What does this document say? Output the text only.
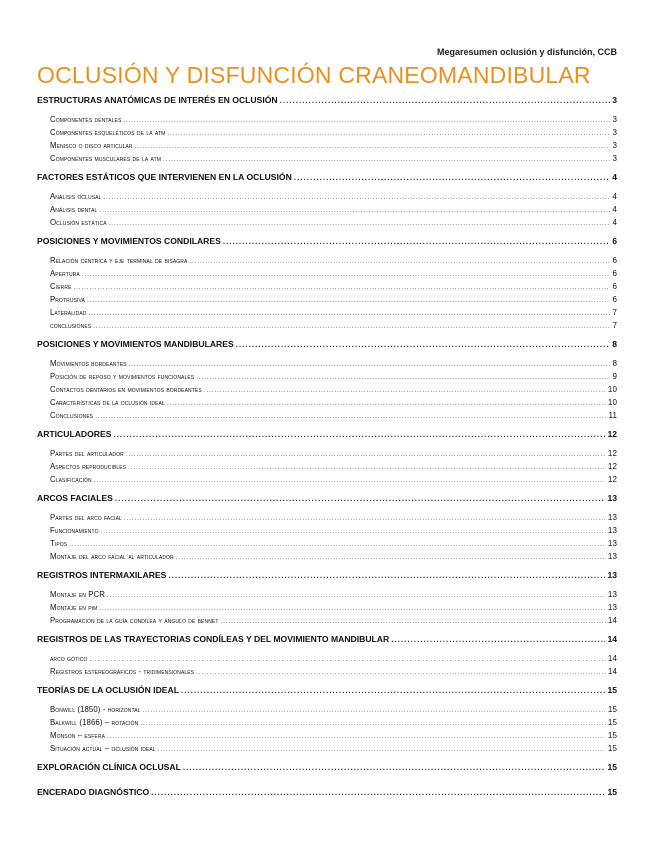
Megaresumen oclusión y disfunción, CCB
OCLUSIÓN Y DISFUNCIÓN CRANEOMANDIBULAR
ESTRUCTURAS ANATÓMICAS DE INTERÉS EN OCLUSIÓN .....	3
Componentes dentales .....	3
Componentes esqueléticos de la atm .....	3
Menisco o disco articular .....	3
Componentes musculares de la atm .....	3
FACTORES ESTÁTICOS QUE INTERVIENEN EN LA OCLUSIÓN .....	4
Análisis oclusal .....	4
Análisis dental .....	4
Oclusión estática .....	4
POSICIONES Y MOVIMIENTOS CONDILARES .....	6
Relación céntrica y eje terminal de bisagra .....	6
Apertura .....	6
Cierre .....	6
Protrusiva .....	6
Lateralidad .....	7
conclusiones .....	7
POSICIONES Y MOVIMIENTOS MANDIBULARES .....	8
Movimientos bordeantes .....	8
Posición de reposo y movimientos funcionales .....	9
Contactos dentarios en movimientos bordeantes .....	10
Características de la oclusión ideal .....	10
Conclusiones .....	11
ARTICULADORES .....	12
Partes del articulador .....	12
Aspectos reproducibles .....	12
Clasificación .....	12
ARCOS FACIALES .....	13
Partes del arco facial .....	13
Funcionamiento .....	13
Tipos .....	13
Montaje del arco facial al articulador .....	13
REGISTROS INTERMAXILARES .....	13
Montaje en PCR .....	13
Montaje en pim .....	13
Programación de la guía condílea y ángulo de bennet .....	14
REGISTROS DE LAS TRAYECTORIAS CONDÍLEAS Y DEL MOVIMIENTO MANDIBULAR .....	14
arco gótico .....	14
Registros estereográficos - tridimensionales .....	14
TEORÍAS DE LA OCLUSIÓN IDEAL .....	15
Bonwill (1850) - horizontal .....	15
Balkwill (1866) – rotación .....	15
Monson – esfera .....	15
Situación actual – oclusión ideal .....	15
EXPLORACIÓN CLÍNICA OCLUSAL .....	15
ENCERADO DIAGNÓSTICO .....	15
